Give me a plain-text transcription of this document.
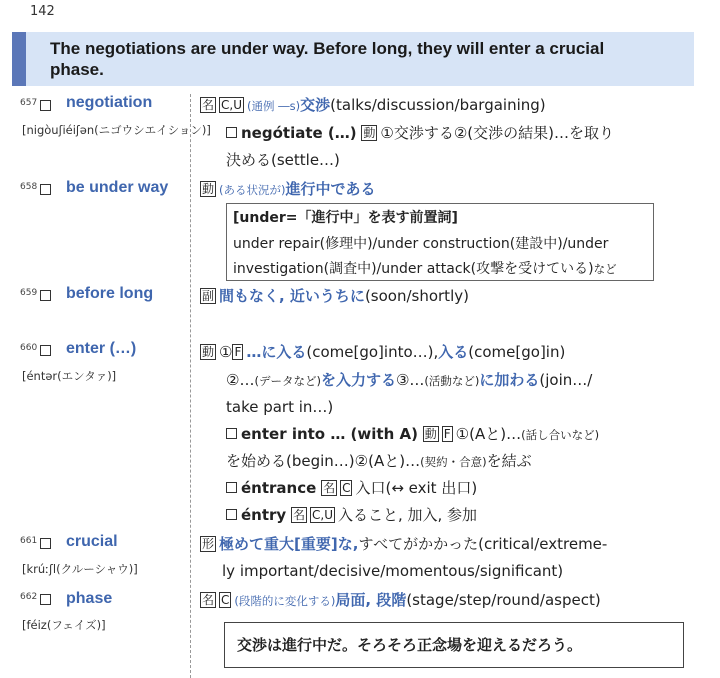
142
The negotiations are under way. Before long, they will enter a crucial
phase.
657 negotiation
[nigòuʃiéiʃən(ニゴウシエイション)]
名 C,U (通例 ―s)交渉(talks/discussion/bargaining)
negótiate (…) 動 ①交渉する②(交渉の結果)…を取り
決める(settle…)
658 be under way	動 (ある状況が)進行中である
[under=「進行中」を表す前置詞]
under repair(修理中)/under construction(建設中)/under
investigation(調査中)/under attack(攻撃を受けている)など
659 before long	副 間もなく, 近いうちに(soon/shortly)
660 enter (…)
[éntər(エンタァ)]
動 ① F …に入る(come[go]into…),入る(come[go]in)
②…(データなど)を入力する③…(活動など)に加わる(join…/
take part in…)
enter into … (with A) 動 F ①(Aと)…(話し合いなど)
を始める(begin…)②(Aと)…(契約・合意)を結ぶ
éntrance 名 C 入口(↔ exit 出口)
éntry 名 C,U 入ること, 加入, 参加
661 crucial
[krúːʃl(クルーシャウ)]
形 極めて重大[重要]な,すべてがかかった(critical/extreme-
ly important/decisive/momentous/significant)
662 phase
[féiz(フェイズ)]
名 C (段階的に変化する)局面, 段階(stage/step/round/aspect)
交渉は進行中だ。そろそろ正念場を迎えるだろう。
